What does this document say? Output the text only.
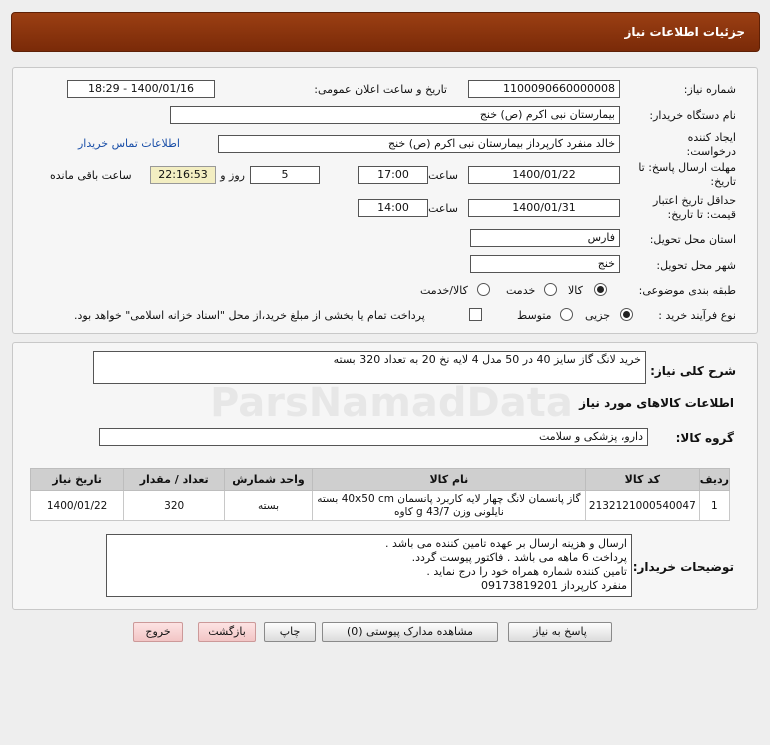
جزئیات اطلاعات نیاز
شماره نیاز:
1100090660000008
تاریخ و ساعت اعلان عمومی:
1400/01/16 - 18:29
نام دستگاه خریدار:
بیمارستان نبی اکرم (ص) خنج
ایجاد کننده درخواست:
خالد منفرد کارپرداز بیمارستان نبی اکرم (ص) خنج
اطلاعات تماس خریدار
مهلت ارسال پاسخ: تا تاریخ:
1400/01/22
ساعت
17:00
5
روز و
22:16:53
ساعت باقی مانده
حداقل تاریخ اعتبار قیمت: تا تاریخ:
1400/01/31
ساعت
14:00
استان محل تحویل:
فارس
شهر محل تحویل:
خنج
طبقه بندی موضوعی:
کالا
خدمت
کالا/خدمت
نوع فرآیند خرید :
جزیی
متوسط
پرداخت تمام یا بخشی از مبلغ خرید،از محل "اسناد خزانه اسلامی" خواهد بود.
شرح کلی نیاز:
خرید لانگ گاز سایز 40 در 50 مدل 4 لایه نخ 20 به تعداد 320 بسته
اطلاعات کالاهای مورد نیاز
گروه کالا:
دارو، پزشکی و سلامت
ردیف	کد کالا	نام کالا	واحد شمارش	تعداد / مقدار	تاریخ نیاز
1	2132121000540047	گاز پانسمان لانگ چهار لایه کاربرد پانسمان 40x50 cm بسته نایلونی وزن 43/7 g کاوه	بسته	320	1400/01/22
توضیحات خریدار:
ارسال و هزینه ارسال بر عهده تامین کننده می باشد .
پرداخت 6 ماهه می باشد . فاکتور پیوست گردد.
تامین کننده شماره همراه خود را درج نماید .
منفرد کارپرداز 09173819201
پاسخ به نیاز
مشاهده مدارک پیوستی (0)
چاپ
بازگشت
خروج
